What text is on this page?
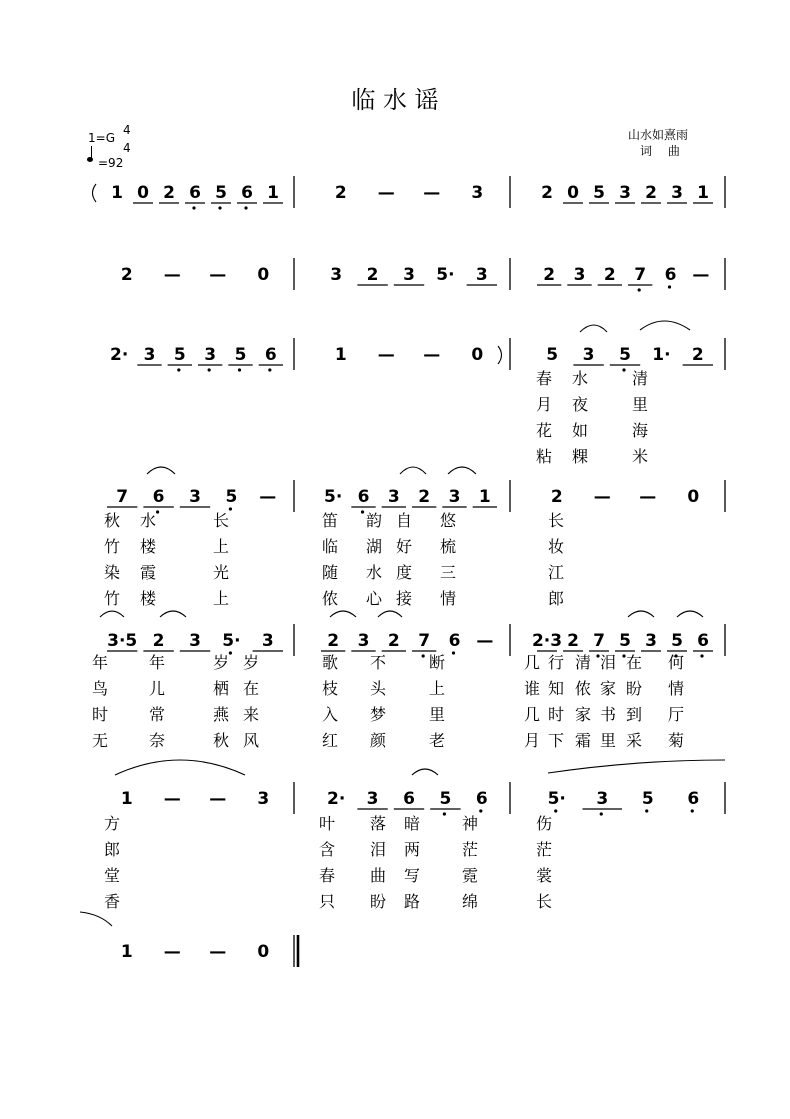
临 水 谣
1=G
4
4
=92
山水如熹雨
词 曲
1 0 2 6 5 6 1	2 — — 3	2 0 5 3 2 3 1
2 — — 0	3 2 3 5· 3	2 3 2 7 6 —
2· 3 5 3 5 6	1 — — 0	5 3 5 1· 2
7 6 3 5 —	5· 6 3 2 3 1	2 — — 0
3·5 2 3 5· 3	2 3 2 7 6 — 2·3 2 7 5 3 5 6
1 — — 3	2· 3 6 5 6	5· 3 5 6
1 — — 0
春 水	清
月 夜	里
花 如	海
粘 粿	米
秋 水	长	笛 韵 自 悠	长
竹 楼	上	临 湖 好 梳	妆
染 霞	光	随 水 度 三	江
竹 楼	上	侬 心 接 情	郎
年	年	岁 岁	歌 不	断	几 行 清 泪 在 何
鸟	儿	栖 在	枝 头	上	谁 知 侬 家 盼 情
时	常	燕 来	入 梦	里	几 时 家 书 到 厅
无	奈	秋 风	红 颜	老	月 下 霜 里 采 菊
方	叶 落 暗	神	伤
郎	含 泪 两	茫	茫
堂	春 曲 写	霓	裳
香	只 盼 路	绵	长
